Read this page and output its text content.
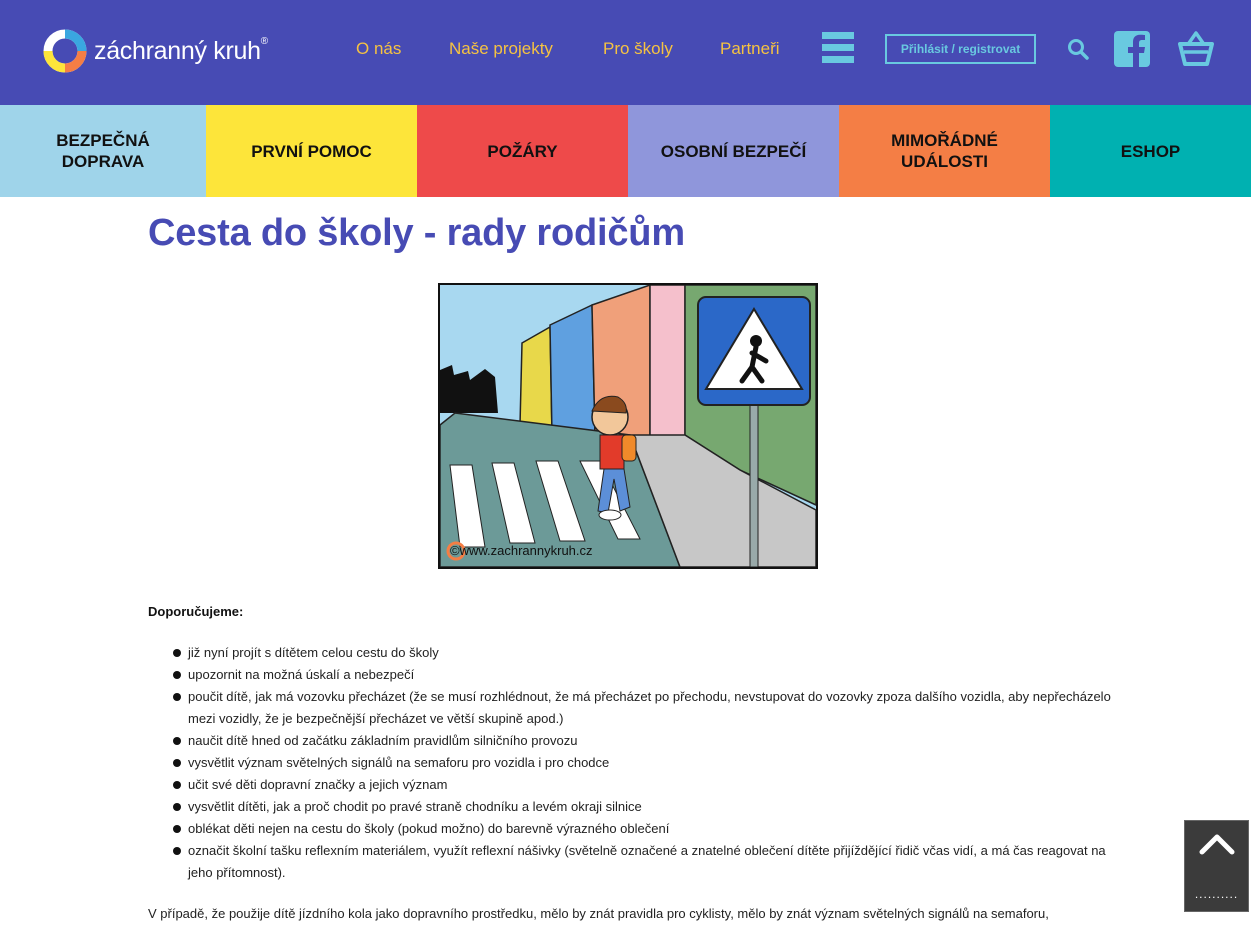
záchranný kruh ®	O nás	Naše projekty	Pro školy	Partneři	Přihlásit / registrovat
BEZPEČNÁ DOPRAVA
PRVNÍ POMOC	POŽÁRY	OSOBNÍ BEZPEČÍ
MIMOŘÁDNÉ UDÁLOSTI
ESHOP
Cesta do školy - rady rodičům
©www.zachrannykruh.cz
Doporučujeme:
již nyní projít s dítětem celou cestu do školy
upozornit na možná úskalí a nebezpečí
poučit dítě, jak má vozovku přecházet (že se musí rozhlédnout, že má přecházet po přechodu, nevstupovat do vozovky zpoza dalšího vozidla, aby nepřecházelo mezi vozidly, že je bezpečnější přecházet ve větší skupině apod.)
naučit dítě hned od začátku základním pravidlům silničního provozu
vysvětlit význam světelných signálů na semaforu pro vozidla i pro chodce
učit své děti dopravní značky a jejich význam
vysvětlit dítěti, jak a proč chodit po pravé straně chodníku a levém okraji silnice
oblékat děti nejen na cestu do školy (pokud možno) do barevně výrazného oblečení
označit školní tašku reflexním materiálem, využít reflexní nášivky (světelně označené a znatelné oblečení dítěte přijíždějící řidič včas vidí, a má čas reagovat na jeho přítomnost).
V případě, že použije dítě jízdního kola jako dopravního prostředku, mělo by znát pravidla pro cyklisty, mělo by znát význam světelných signálů na semaforu,
..........
